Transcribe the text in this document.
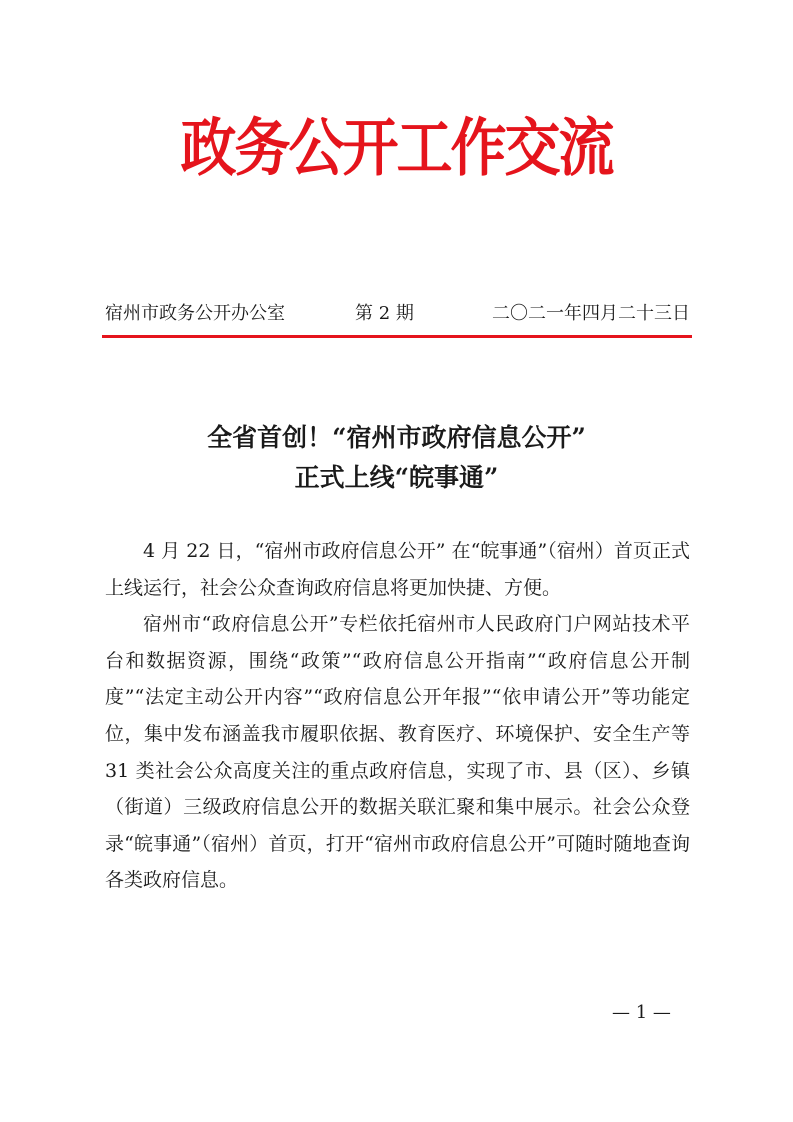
政务公开工作交流
宿州市政务公开办公室	第 2 期	二〇二一年四月二十三日
全省首创！“宿州市政府信息公开”
正式上线“皖事通”

4 月 22 日，“宿州市政府信息公开” 在“皖事通”（宿州）首页正式上线运行，社会公众查询政府信息将更加快捷、方便。

宿州市“政府信息公开”专栏依托宿州市人民政府门户网站技术平台和数据资源，围绕“政策”“政府信息公开指南”“政府信息公开制度”“法定主动公开内容”“政府信息公开年报”“依申请公开”等功能定位，集中发布涵盖我市履职依据、教育医疗、环境保护、安全生产等 31 类社会公众高度关注的重点政府信息，实现了市、县（区）、乡镇（街道）三级政府信息公开的数据关联汇聚和集中展示。社会公众登录“皖事通”（宿州）首页，打开“宿州市政府信息公开”可随时随地查询各类政府信息。

— 1 —
